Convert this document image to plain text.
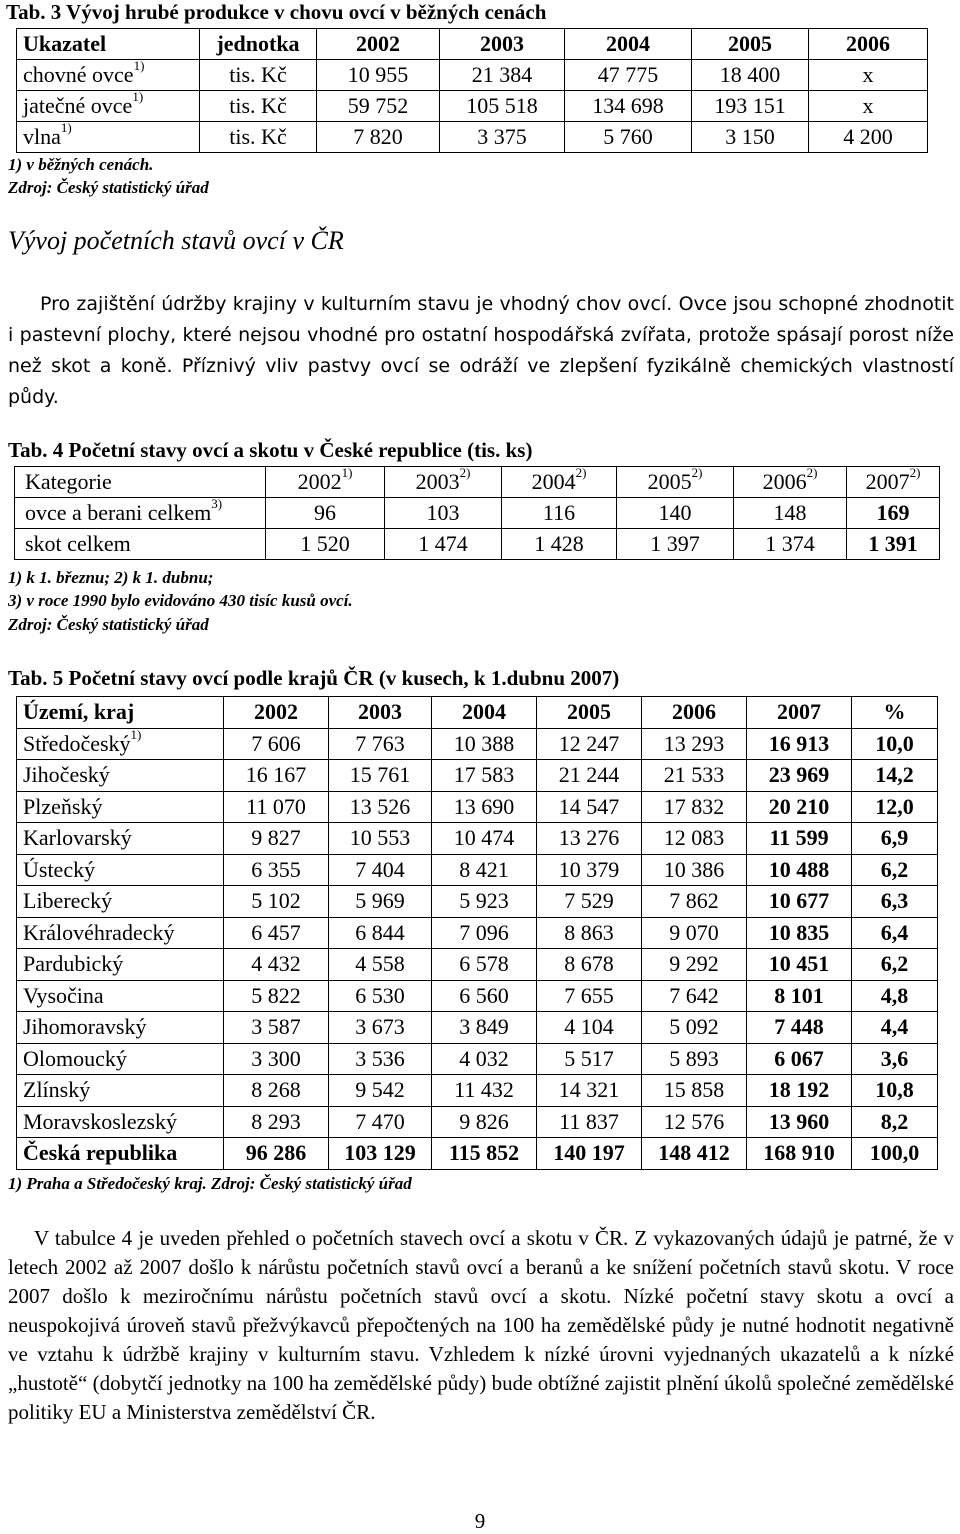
Tab. 3 Vývoj hrubé produkce v chovu ovcí v běžných cenách
Ukazatel	jednotka	2002	2003	2004	2005	2006
chovné ovce$^{1)}$	tis. Kč	10 955	21 384	47 775	18 400	x
jatečné ovce$^{1)}$	tis. Kč	59 752	105 518	134 698	193 151	x
vlna$^{1)}$	tis. Kč	7 820	3 375	5 760	3 150	4 200
1) v běžných cenách.
Zdroj: Český statistický úřad
Vývoj početních stavů ovcí v ČR
Pro zajištění údržby krajiny v kulturním stavu je vhodný chov ovcí. Ovce jsou schopné zhodnotit i pastevní plochy, které nejsou vhodné pro ostatní hospodářská zvířata, protože spásají porost níže než skot a koně. Příznivý vliv pastvy ovcí se odráží ve zlepšení fyzikálně chemických vlastností půdy.
Tab. 4 Početní stavy ovcí a skotu v České republice (tis. ks)
Kategorie	2002$^{1)}$	2003$^{2)}$	2004$^{2)}$	2005$^{2)}$	2006$^{2)}$	2007$^{2)}$
ovce a berani celkem$^{3)}$	96	103	116	140	148	169
skot celkem	1 520	1 474	1 428	1 397	1 374	1 391
1) k 1. březnu; 2) k 1. dubnu;
3) v roce 1990 bylo evidováno 430 tisíc kusů ovcí.
Zdroj: Český statistický úřad
Tab. 5 Početní stavy ovcí podle krajů ČR (v kusech, k 1.dubnu 2007)
Území, kraj	2002	2003	2004	2005	2006	2007	%
Středočeský$^{1)}$	7 606	7 763	10 388	12 247	13 293	16 913	10,0
Jihočeský	16 167	15 761	17 583	21 244	21 533	23 969	14,2
Plzeňský	11 070	13 526	13 690	14 547	17 832	20 210	12,0
Karlovarský	9 827	10 553	10 474	13 276	12 083	11 599	6,9
Ústecký	6 355	7 404	8 421	10 379	10 386	10 488	6,2
Liberecký	5 102	5 969	5 923	7 529	7 862	10 677	6,3
Královéhradecký	6 457	6 844	7 096	8 863	9 070	10 835	6,4
Pardubický	4 432	4 558	6 578	8 678	9 292	10 451	6,2
Vysočina	5 822	6 530	6 560	7 655	7 642	8 101	4,8
Jihomoravský	3 587	3 673	3 849	4 104	5 092	7 448	4,4
Olomoucký	3 300	3 536	4 032	5 517	5 893	6 067	3,6
Zlínský	8 268	9 542	11 432	14 321	15 858	18 192	10,8
Moravskoslezský	8 293	7 470	9 826	11 837	12 576	13 960	8,2
Česká republika	96 286	103 129	115 852	140 197	148 412	168 910	100,0
1) Praha a Středočeský kraj. Zdroj: Český statistický úřad
V tabulce 4 je uveden přehled o početních stavech ovcí a skotu v ČR. Z vykazovaných údajů je patrné, že v letech 2002 až 2007 došlo k nárůstu početních stavů ovcí a beranů a ke snížení početních stavů skotu. V roce 2007 došlo k meziročnímu nárůstu početních stavů ovcí a skotu. Nízké početní stavy skotu a ovcí a neuspokojivá úroveň stavů přežvýkavců přepočtených na 100 ha zemědělské půdy je nutné hodnotit negativně ve vztahu k údržbě krajiny v kulturním stavu. Vzhledem k nízké úrovni vyjednaných ukazatelů a k nízké „hustotě“ (dobytčí jednotky na 100 ha zemědělské půdy) bude obtížné zajistit plnění úkolů společné zemědělské politiky EU a Ministerstva zemědělství ČR.
9
